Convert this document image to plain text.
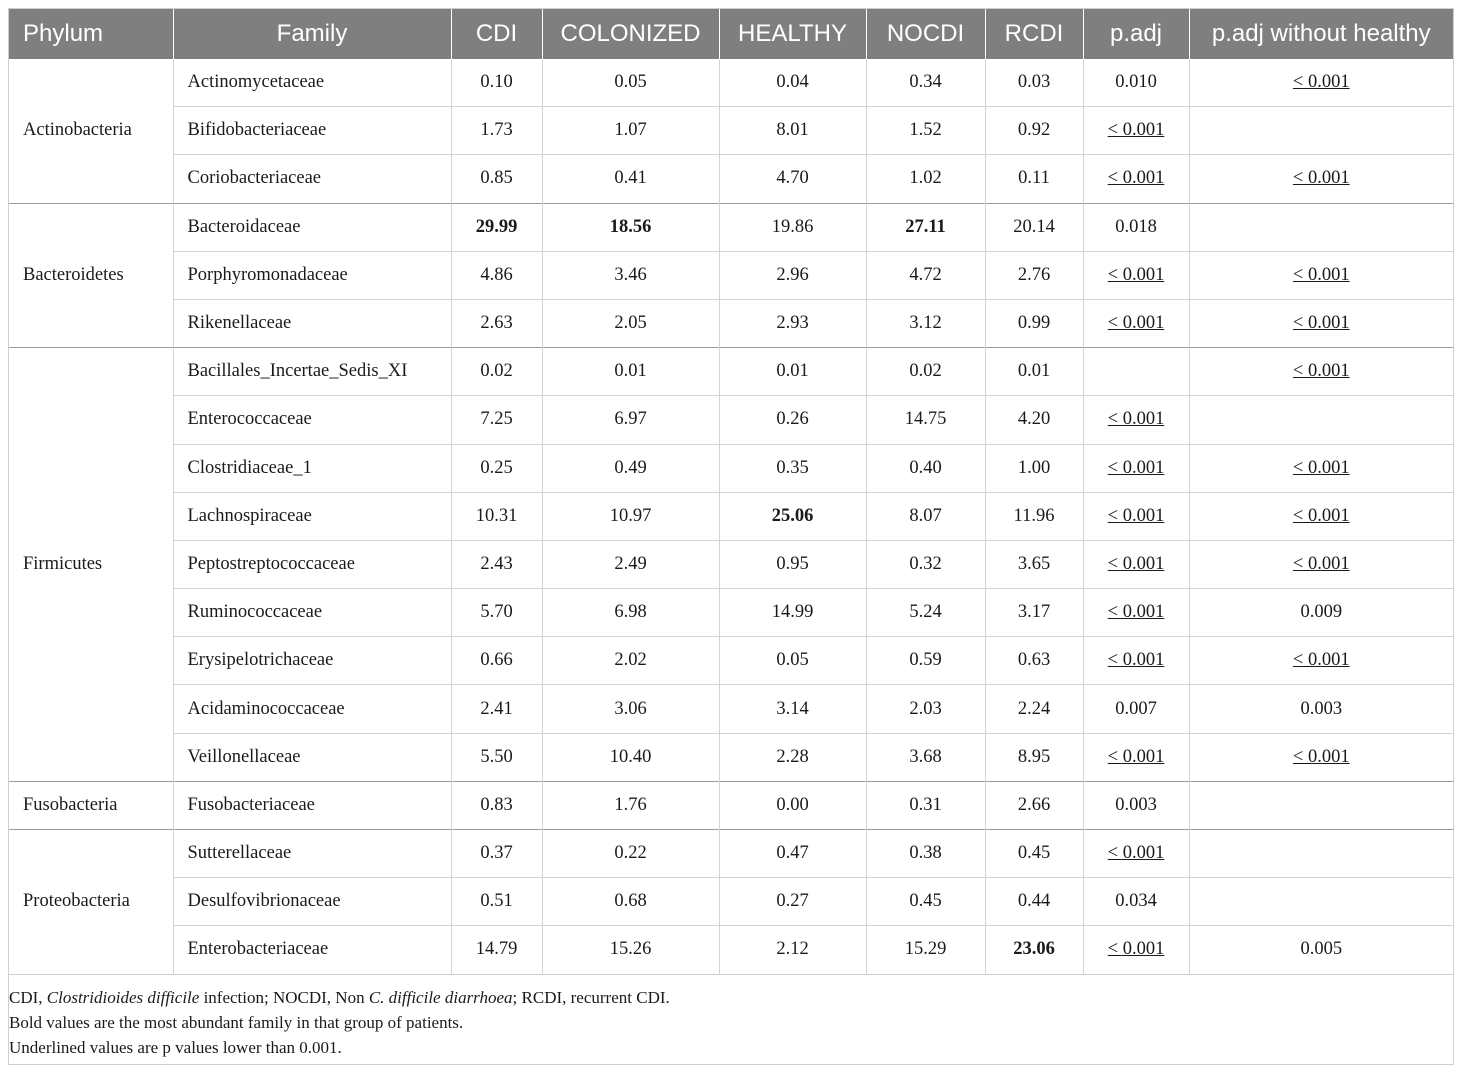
Phylum	Family	CDI	COLONIZED	HEALTHY	NOCDI	RCDI	p.adj	p.adj without healthy
Actinobacteria	Actinomycetaceae	0.10	0.05	0.04	0.34	0.03	0.010	< 0.001
	Bifidobacteriaceae	1.73	1.07	8.01	1.52	0.92	< 0.001	
	Coriobacteriaceae	0.85	0.41	4.70	1.02	0.11	< 0.001	< 0.001
Bacteroidetes	Bacteroidaceae	29.99	18.56	19.86	27.11	20.14	0.018	
	Porphyromonadaceae	4.86	3.46	2.96	4.72	2.76	< 0.001	< 0.001
	Rikenellaceae	2.63	2.05	2.93	3.12	0.99	< 0.001	< 0.001
Firmicutes	Bacillales_Incertae_Sedis_XI	0.02	0.01	0.01	0.02	0.01		< 0.001
	Enterococcaceae	7.25	6.97	0.26	14.75	4.20	< 0.001	
	Clostridiaceae_1	0.25	0.49	0.35	0.40	1.00	< 0.001	< 0.001
	Lachnospiraceae	10.31	10.97	25.06	8.07	11.96	< 0.001	< 0.001
	Peptostreptococcaceae	2.43	2.49	0.95	0.32	3.65	< 0.001	< 0.001
	Ruminococcaceae	5.70	6.98	14.99	5.24	3.17	< 0.001	0.009
	Erysipelotrichaceae	0.66	2.02	0.05	0.59	0.63	< 0.001	< 0.001
	Acidaminococcaceae	2.41	3.06	3.14	2.03	2.24	0.007	0.003
	Veillonellaceae	5.50	10.40	2.28	3.68	8.95	< 0.001	< 0.001
Fusobacteria	Fusobacteriaceae	0.83	1.76	0.00	0.31	2.66	0.003	
Proteobacteria	Sutterellaceae	0.37	0.22	0.47	0.38	0.45	< 0.001	
	Desulfovibrionaceae	0.51	0.68	0.27	0.45	0.44	0.034	
	Enterobacteriaceae	14.79	15.26	2.12	15.29	23.06	< 0.001	0.005
CDI, Clostridioides difficile infection; NOCDI, Non C. difficile diarrhoea; RCDI, recurrent CDI.
Bold values are the most abundant family in that group of patients.
Underlined values are p values lower than 0.001.
